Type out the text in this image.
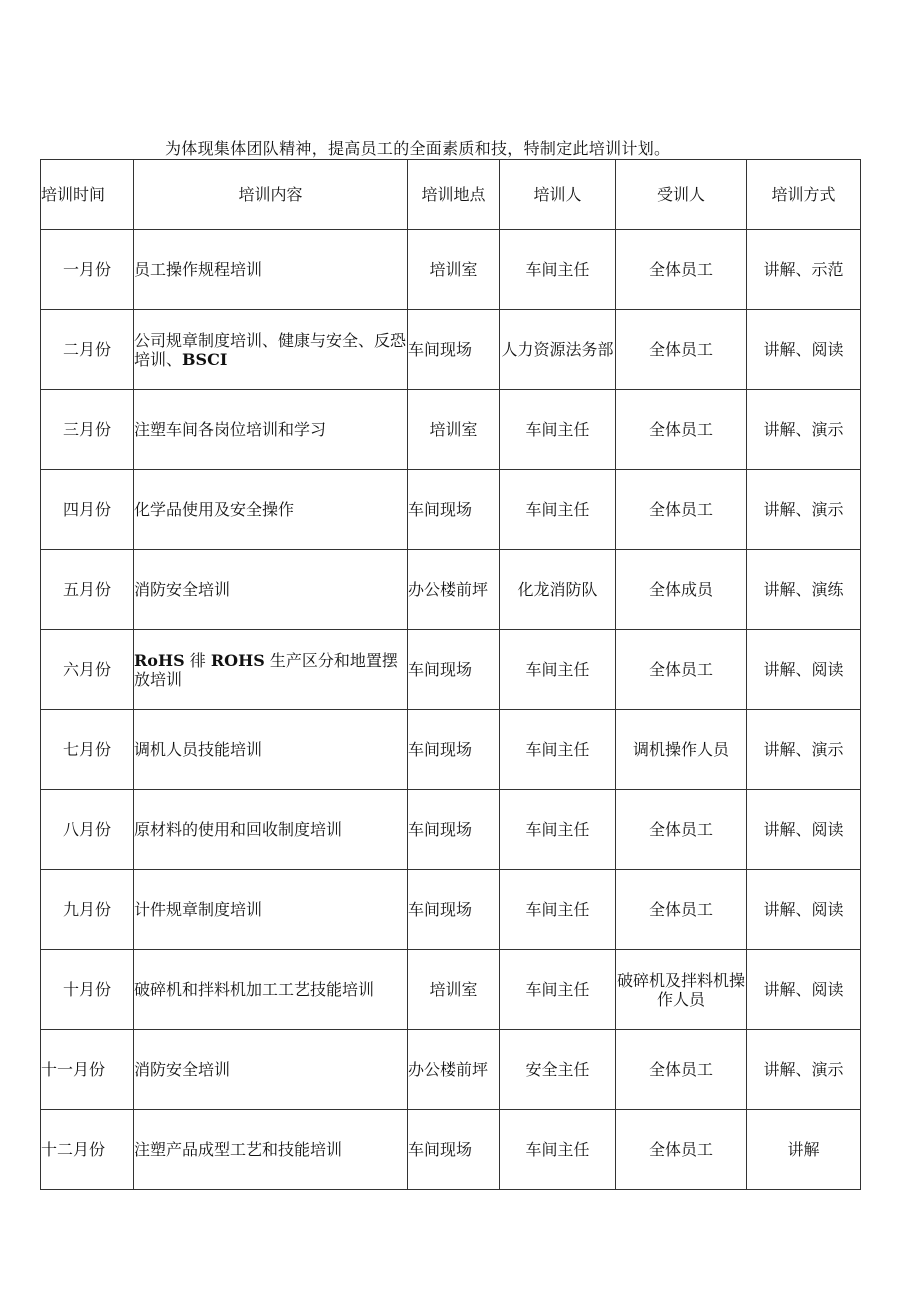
为体现集体团队精神，提高员工的全面素质和技，特制定此培训计划。
培训时间	培训内容	培训地点	培训人	受训人	培训方式
一月份	员工操作规程培训	培训室	车间主任	全体员工	讲解、示范
二月份	公司规章制度培训、健康与安全、反恐培训、BSCI	车间现场	人力资源法务部	全体员工	讲解、阅读
三月份	注塑车间各岗位培训和学习	培训室	车间主任	全体员工	讲解、演示
四月份	化学品使用及安全操作	车间现场	车间主任	全体员工	讲解、演示
五月份	消防安全培训	办公楼前坪	化龙消防队	全体成员	讲解、演练
六月份	RoHS 徘 ROHS 生产区分和地置摆放培训	车间现场	车间主任	全体员工	讲解、阅读
七月份	调机人员技能培训	车间现场	车间主任	调机操作人员	讲解、演示
八月份	原材料的使用和回收制度培训	车间现场	车间主任	全体员工	讲解、阅读
九月份	计件规章制度培训	车间现场	车间主任	全体员工	讲解、阅读
十月份	破碎机和拌料机加工工艺技能培训	培训室	车间主任	破碎机及拌料机操作人员	讲解、阅读
十一月份	消防安全培训	办公楼前坪	安全主任	全体员工	讲解、演示
十二月份	注塑产品成型工艺和技能培训	车间现场	车间主任	全体员工	讲解
